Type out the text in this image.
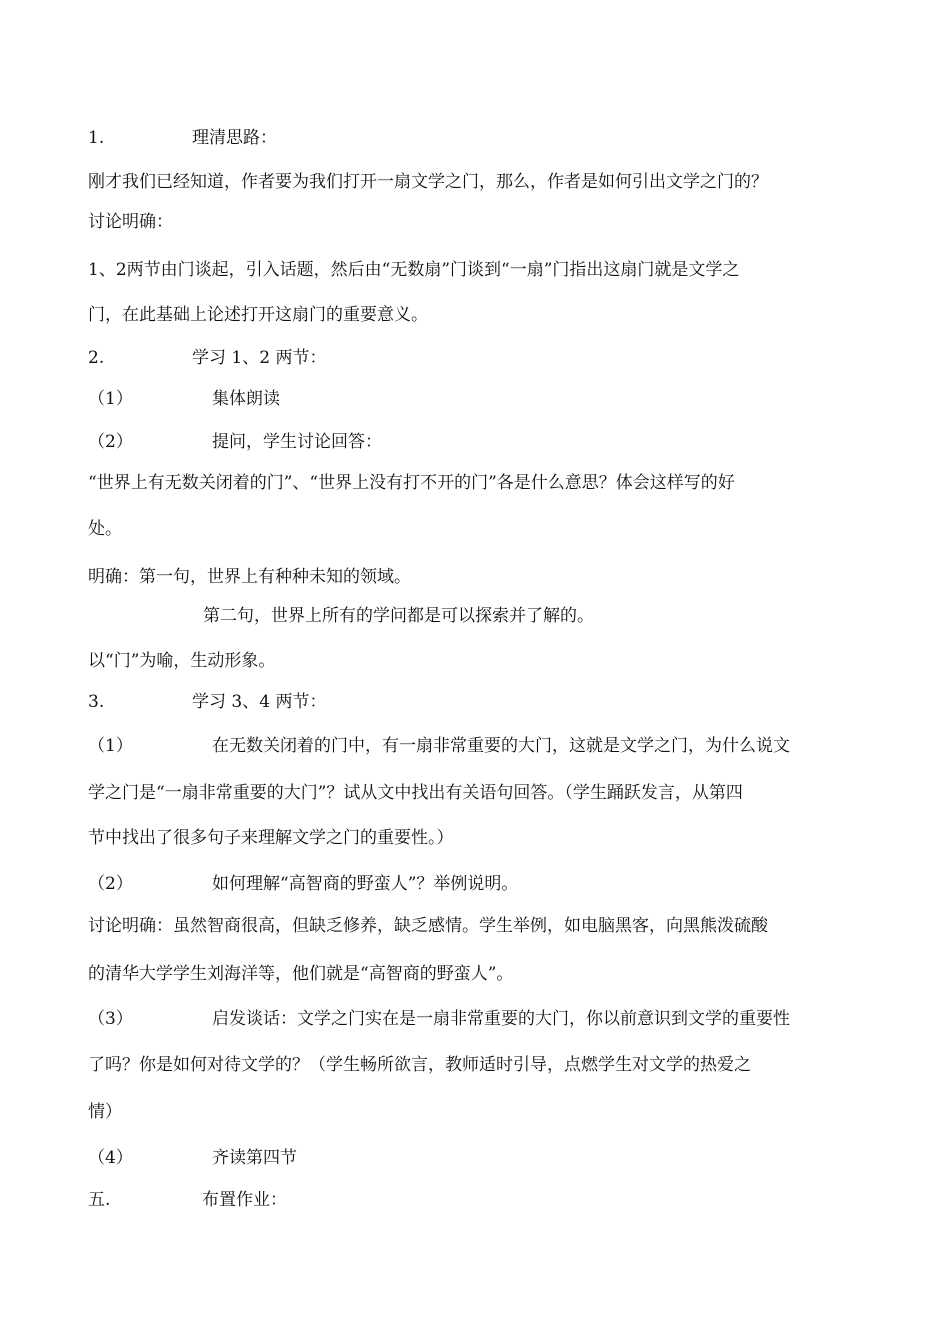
1.	理清思路：
刚才我们已经知道，作者要为我们打开一扇文学之门，那么，作者是如何引出文学之门的？
讨论明确：
1、2两节由门谈起，引入话题，然后由“无数扇”门谈到“一扇”门指出这扇门就是文学之
门，在此基础上论述打开这扇门的重要意义。
2.	学习 1、2 两节：
（1）	集体朗读
（2）	提问，学生讨论回答：
“世界上有无数关闭着的门”、“世界上没有打不开的门”各是什么意思？体会这样写的好
处。
明确：第一句，世界上有种种未知的领域。
第二句，世界上所有的学问都是可以探索并了解的。
以“门”为喻，生动形象。
3.	学习 3、4 两节：
（1）	在无数关闭着的门中，有一扇非常重要的大门，这就是文学之门，为什么说文
学之门是“一扇非常重要的大门”？试从文中找出有关语句回答。（学生踊跃发言，从第四
节中找出了很多句子来理解文学之门的重要性。）
（2）	如何理解“高智商的野蛮人”？举例说明。
讨论明确：虽然智商很高，但缺乏修养，缺乏感情。学生举例，如电脑黑客，向黑熊泼硫酸
的清华大学学生刘海洋等，他们就是“高智商的野蛮人”。
（3）	启发谈话：文学之门实在是一扇非常重要的大门，你以前意识到文学的重要性
了吗？你是如何对待文学的？（学生畅所欲言，教师适时引导，点燃学生对文学的热爱之
情）
（4）	齐读第四节
五.	布置作业：
